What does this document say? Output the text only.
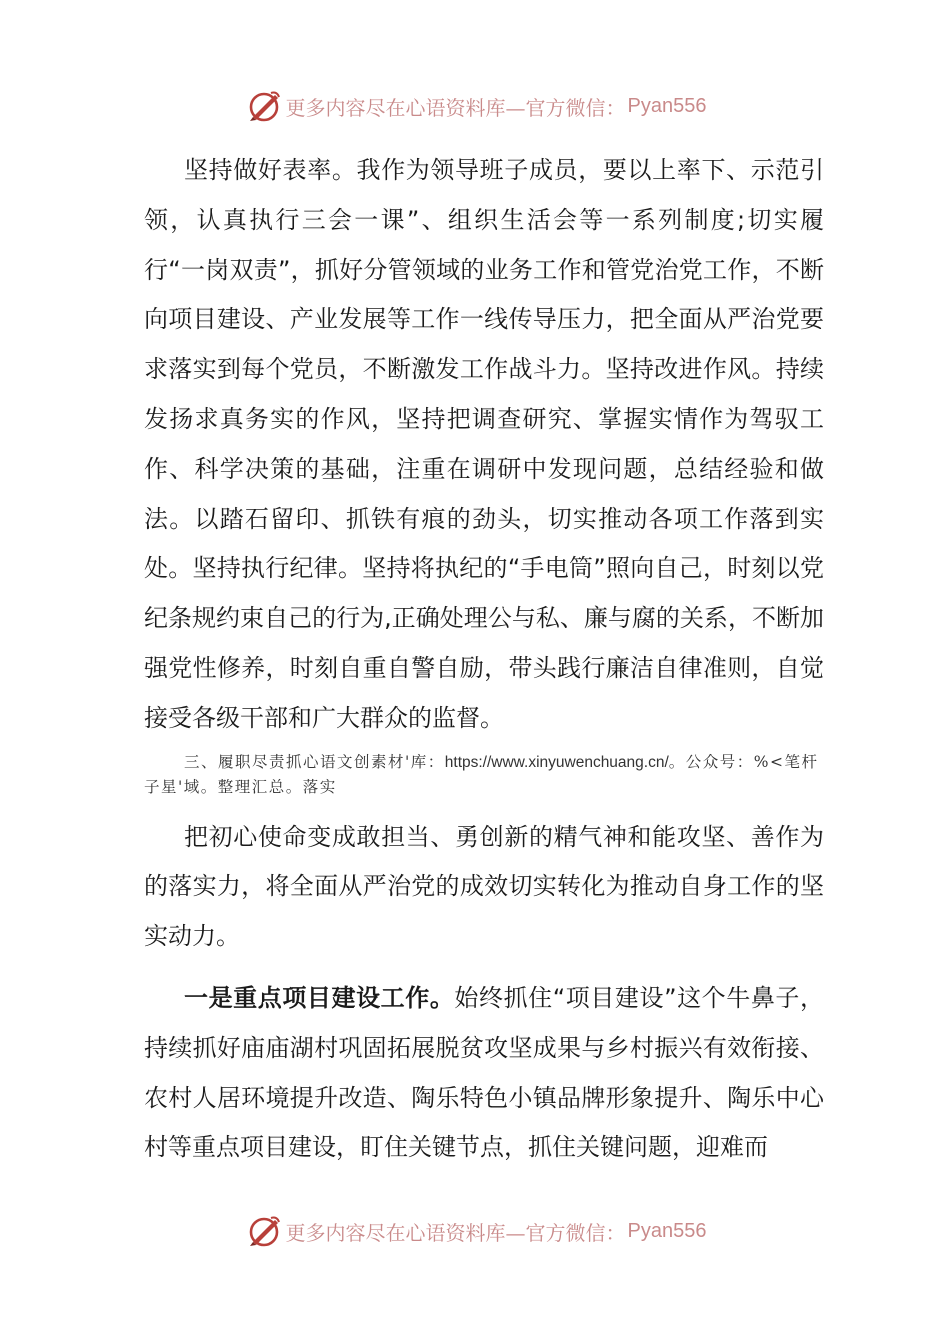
更多内容尽在心语资料库—官方微信： Pyan556

坚持做好表率。我作为领导班子成员，要以上率下、示范引领，认真执行三会一课”、组织生活会等一系列制度;切实履行“一岗双责”，抓好分管领域的业务工作和管党治党工作，不断向项目建设、产业发展等工作一线传导压力，把全面从严治党要求落实到每个党员，不断激发工作战斗力。坚持改进作风。持续发扬求真务实的作风，坚持把调查研究、掌握实情作为驾驭工作、科学决策的基础，注重在调研中发现问题，总结经验和做法。以踏石留印、抓铁有痕的劲头，切实推动各项工作落到实处。坚持执行纪律。坚持将执纪的“手电筒”照向自己，时刻以党纪条规约束自己的行为,正确处理公与私、廉与腐的关系，不断加强党性修养，时刻自重自警自励，带头践行廉洁自律准则，自觉接受各级干部和广大群众的监督。

三、履职尽责抓心语文创素材'库：https://www.xinyuwenchuang.cn/。公众号：%<笔杆子星'域。整理汇总。落实

把初心使命变成敢担当、勇创新的精气神和能攻坚、善作为的落实力，将全面从严治党的成效切实转化为推动自身工作的坚实动力。

一是重点项目建设工作。始终抓住“项目建设”这个牛鼻子，持续抓好庙庙湖村巩固拓展脱贫攻坚成果与乡村振兴有效衔接、农村人居环境提升改造、陶乐特色小镇品牌形象提升、陶乐中心村等重点项目建设，盯住关键节点，抓住关键问题，迎难而

更多内容尽在心语资料库—官方微信： Pyan556
